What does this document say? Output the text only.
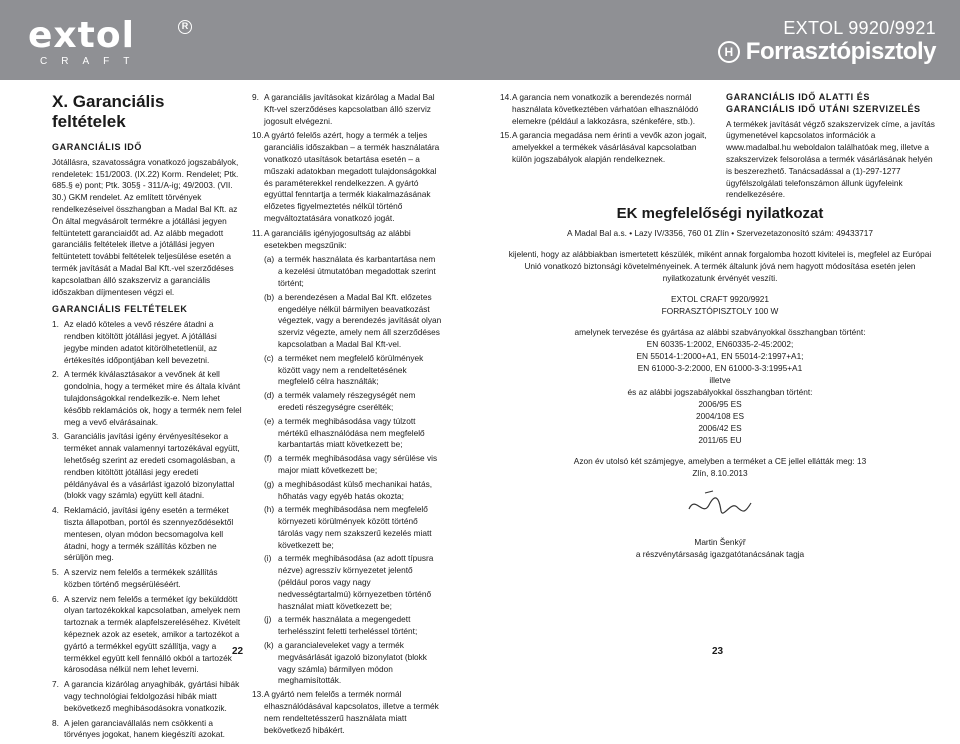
extol	R
CRAFT
EXTOL 9920/9921
H Forrasztópisztoly
X. Garanciális feltételek
GARANCIÁLIS IDŐ

Jótállásra, szavatosságra vonatkozó jogszabályok, rendeletek: 151/2003. (IX.22) Korm. Rendelet; Ptk. 685.§ e) pont; Ptk. 305§ - 311/A-ig; 49/2003. (VII. 30.) GKM rendelet. Az említett törvények rendelkezéseivel összhangban a Madal Bal Kft. az Ön által megvásárolt termékre a jótállási jegyen feltüntetett garanciaidőt ad. Az alább megadott garanciális feltételek illetve a jótállási jegyen feltüntetett további feltételek teljesülése esetén a termék javítását a Madal Bal Kft.-vel szerződéses kapcsolatban álló szakszerviz a garanciális időszakban díjmentesen végzi el.

GARANCIÁLIS FELTÉTELEK
1. Az eladó köteles a vevő részére átadni a rendben kitöltött jótállási jegyet. A jótállási jegybe minden adatot kitörölhetetlenül, az értékesítés időpontjában kell bevezetni.
2. A termék kiválasztásakor a vevőnek át kell gondolnia, hogy a terméket mire és általa kívánt tulajdonságokkal rendelkezik-e. Nem lehet később reklamációs ok, hogy a termék nem felel meg a vevő elvárásainak.
3. Garanciális javítási igény érvényesítésekor a terméket annak valamennyi tartozékával együtt, lehetőség szerint az eredeti csomagolásban, a rendben kitöltött jótállási jegy eredeti példányával és a vásárlást igazoló bizonylattal (blokk vagy számla) együtt kell átadni.
4. Reklamáció, javítási igény esetén a terméket tiszta állapotban, portól és szennyeződésektől mentesen, olyan módon becsomagolva kell átadni, hogy a termék szállítás közben ne sérüljön meg.
5. A szerviz nem felelős a termékek szállítás közben történő megsérüléséért.
6. A szerviz nem felelős a terméket így bekülddött olyan tartozékokkal kapcsolatban, amelyek nem tartoznak a termék alapfelszereléséhez. Kivételt képeznek azok az esetek, amikor a tartozékot a gyártó a termékkel együtt szállítja, vagy a termékkel együtt kell fennálló okból a tartozék károsodása nélkül nem lehet leverni.
7. A garancia kizárólag anyaghibák, gyártási hibák vagy technológiai feldolgozási hibák miatt bekövetkező meghibásodásokra vonatkozik.
8. A jelen garanciavállalás nem csökkenti a törvényes jogokat, hanem kiegészíti azokat.
9. A garanciális javításokat kizárólag a Madal Bal Kft-vel szerződéses kapcsolatban álló szerviz jogosult elvégezni.
10. A gyártó felelős azért, hogy a termék a teljes garanciális időszakban – a termék használatára vonatkozó utasítások betartása esetén – a műszaki adatokban megadott tulajdonságokkal és paraméterekkel rendelkezzen. A gyártó egyúttal fenntartja a termék kiakalmazásának előzetes figyelmeztetés nélkül történő megváltoztatására vonatkozó jogát.
11. A garanciális igényjogosultság az alábbi esetekben megszűnik:
(a) a termék használata és karbantartása nem a kezelési útmutatóban megadottak szerint történt;
(b) a berendezésen a Madal Bal Kft. előzetes engedélye nélkül bármilyen beavatkozást végeztek, vagy a berendezés javítását olyan szerviz végezte, amely nem áll szerződéses kapcsolatban a Madal Bal Kft-vel.
(c) a terméket nem megfelelő körülmények között vagy nem a rendeltetésének megfelelő célra használták;
(d) a termék valamely részegységét nem eredeti részegységre cserélték;
(e) a termék meghibásodása vagy túlzott mértékű elhasználódása nem megfelelő karbantartás miatt következett be;
(f) a termék meghibásodása vagy sérülése vis major miatt következett be;
(g) a meghibásodást külső mechanikai hatás, hőhatás vagy egyéb hatás okozta;
(h) a termék meghibásodása nem megfelelő környezeti körülmények között történő tárolás vagy nem szakszerű kezelés miatt következett be;
(i) a termék meghibásodása (az adott típusra nézve) agresszív környezetet jelentő (például poros vagy nagy nedvességtartalmú) környezetben történő használat miatt következett be;
(j) a termék használata a megengedett terhelésszint feletti terheléssel történt;
(k) a garancialeveleket vagy a termék megvásárlását igazoló bizonylatot (blokk vagy számla) bármilyen módon meghamisították.
13. A gyártó nem felelős a termék normál elhasználódásával kapcsolatos, illetve a termék nem rendeltetésszerű használata miatt bekövetkező hibákért.
14. A garancia nem vonatkozik a berendezés normál használata következtében várhatóan elhasználódó elemekre (például a lakkozásra, szénkefére, stb.).
15. A garancia megadása nem érinti a vevők azon jogait, amelyekkel a termékek vásárlásával kapcsolatban külön jogszabályok alapján rendelkeznek.
GARANCIÁLIS IDŐ ALATTI ÉS GARANCIÁLIS IDŐ UTÁNI SZERVIZELÉS

A termékek javítását végző szakszervizek címe, a javítás ügymenetével kapcsolatos információk a www.madalbal.hu weboldalon találhatóak meg, illetve a szakszervizek felsorolása a termék vásárlásának helyén is beszerezhető. Tanácsadással a (1)-297-1277 ügyfélszolgálati telefonszámon állunk ügyfeleink rendelkezésére.

EK megfelelőségi nyilatkozat

A Madal Bal a.s. • Lazy IV/3356, 760 01 Zlín • Szervezetazonosító szám: 49433717

kijelenti, hogy az alábbiakban ismertetett készülék, miként annak forgalomba hozott kivitelei is, megfelel az Európai Unió vonatkozó biztonsági követelményeinek. A termék általunk jóvá nem hagyott módosítása esetén jelen nyilatkozatunk érvényét veszíti.

EXTOL CRAFT 9920/9921

FORRASZTÓPISZTOLY 100 W

amelynek tervezése és gyártása az alábbi szabványokkal összhangban történt:

EN 60335-1:2002, EN60335-2-45:2002;

EN 55014-1:2000+A1, EN 55014-2:1997+A1;

EN 61000-3-2:2000, EN 61000-3-3:1995+A1

illetve

és az alábbi jogszabályokkal összhangban történt:

2006/95 ES

2004/108 ES

2006/42 ES

2011/65 EU

Azon év utolsó két számjegye, amelyben a terméket a CE jellel ellátták meg: 13

Zlín, 8.10.2013

Martin Šenkýř

a részvénytársaság igazgatótanácsának tagja

22	23
